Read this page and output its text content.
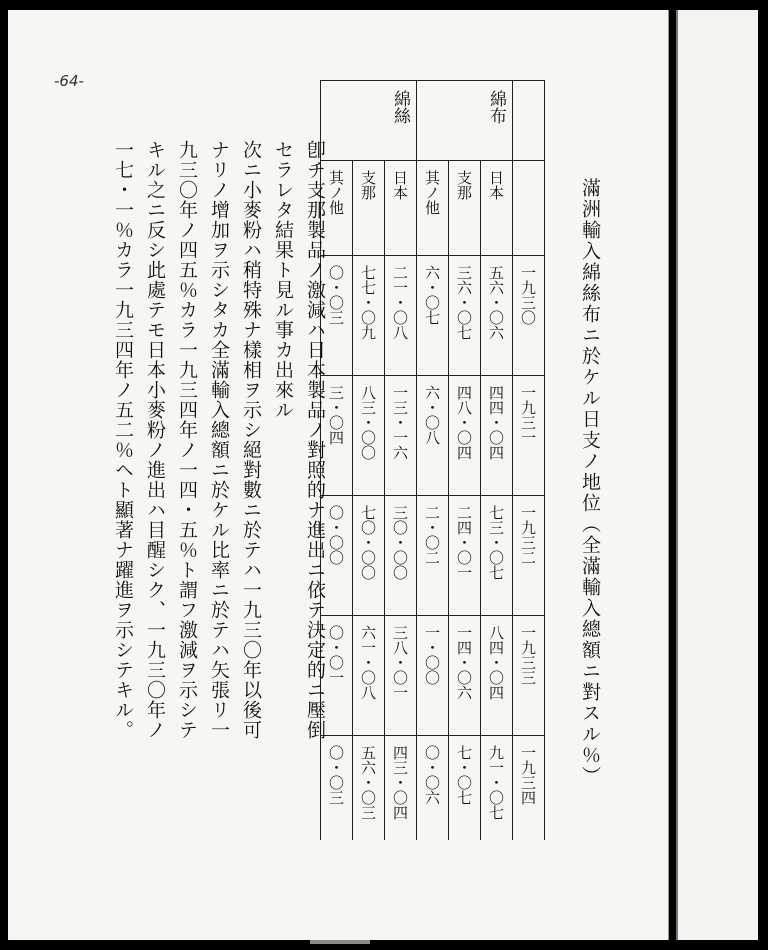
-64-
滿洲輸入綿絲布ニ於ケル日支ノ地位（全滿輸入總額ニ對スル％）
綿布
綿絲
日本
支那
其ノ他
日本
支那
其ノ他
一九三〇
五六・〇六
三六・〇七
六・〇七
二一・〇八
七七・〇九
〇・〇三
一九三一
四四・〇四
四八・〇四
六・〇八
一三・一六
八三・〇〇
三・〇四
一九三二
七三・〇七
二四・〇一
二・〇二
三〇・〇〇
七〇・〇〇
〇・〇〇
一九三三
八四・〇四
一四・〇六
一・〇〇
三八・〇一
六一・〇八
〇・〇一
一九三四
九一・〇七
七・〇七
〇・〇六
四三・〇四
五六・〇三
〇・〇三
卽チ支那製品ノ激減ハ日本製品ノ對照的ナ進出ニ依テ決定的ニ壓倒
セラレタ結果ト見ル事カ出來ル
次ニ小麥粉ハ稍特殊ナ樣相ヲ示シ絕對數ニ於テハ一九三〇年以後可
ナリノ增加ヲ示シタカ全滿輸入總額ニ於ケル比率ニ於テハ矢張リ一
九三〇年ノ四五％カラ一九三四年ノ一四・五％ト謂フ激減ヲ示シテ
キル之ニ反シ此處テモ日本小麥粉ノ進出ハ目醒シク、一九三〇年ノ
一七・一％カラ一九三四年ノ五二％ヘト顯著ナ躍進ヲ示シテキル。
